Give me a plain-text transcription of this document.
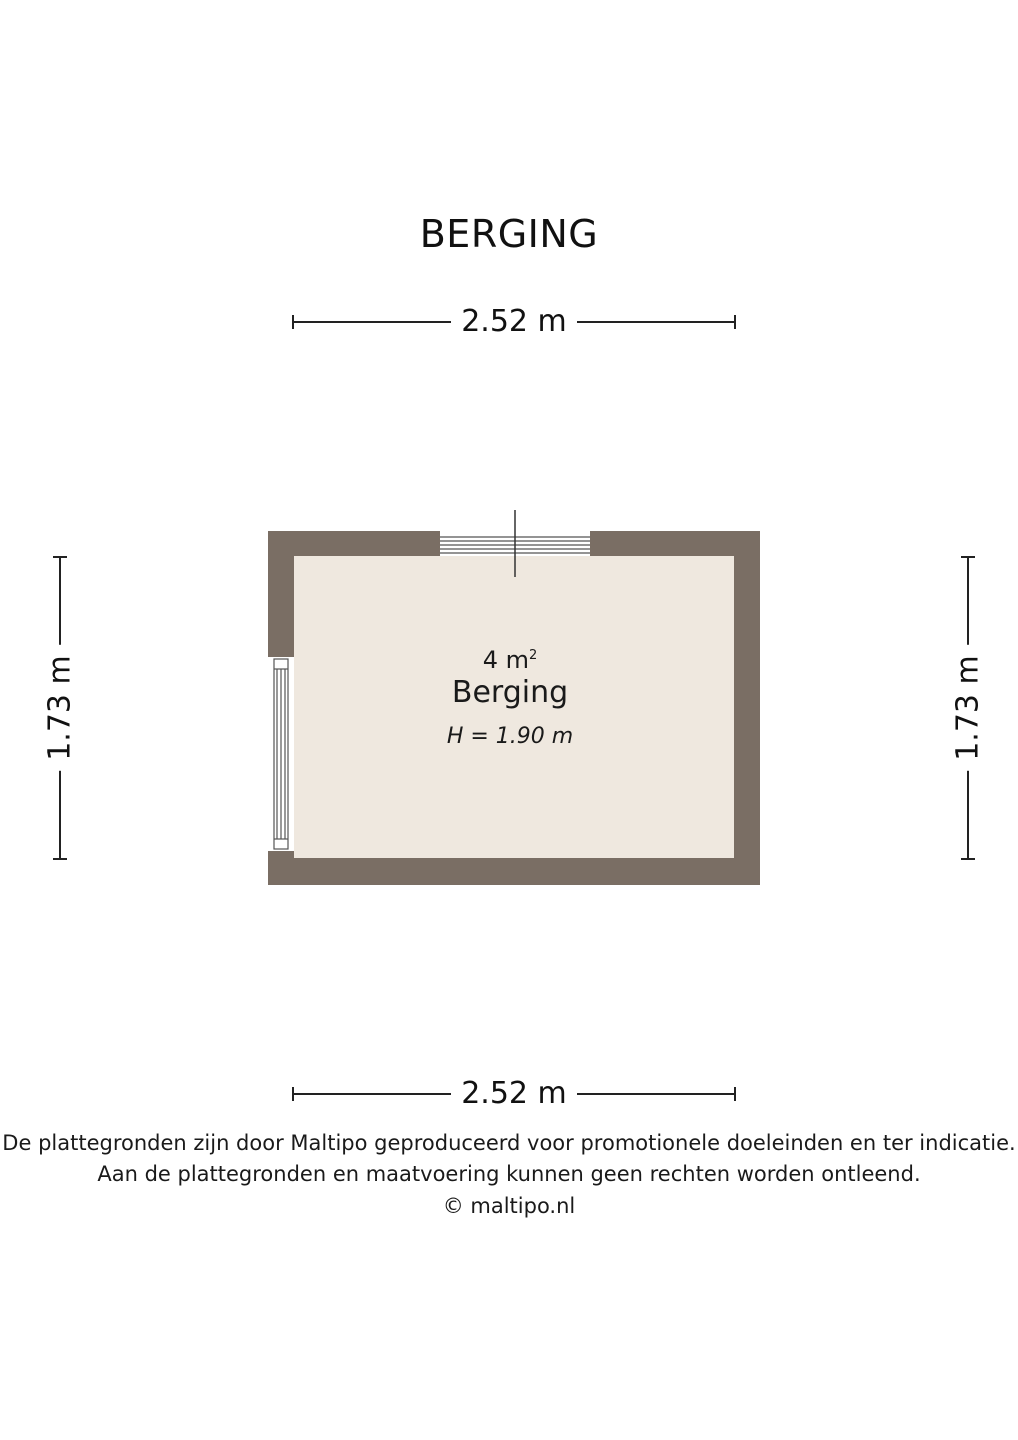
BERGING
2.52 m
2.52 m
1.73 m	1.73 m
4 $m^2$
Berging
H = 1.90 m
De plattegronden zijn door Maltipo geproduceerd voor promotionele doeleinden en ter indicatie.
Aan de plattegronden en maatvoering kunnen geen rechten worden ontleend.
© maltipo.nl
